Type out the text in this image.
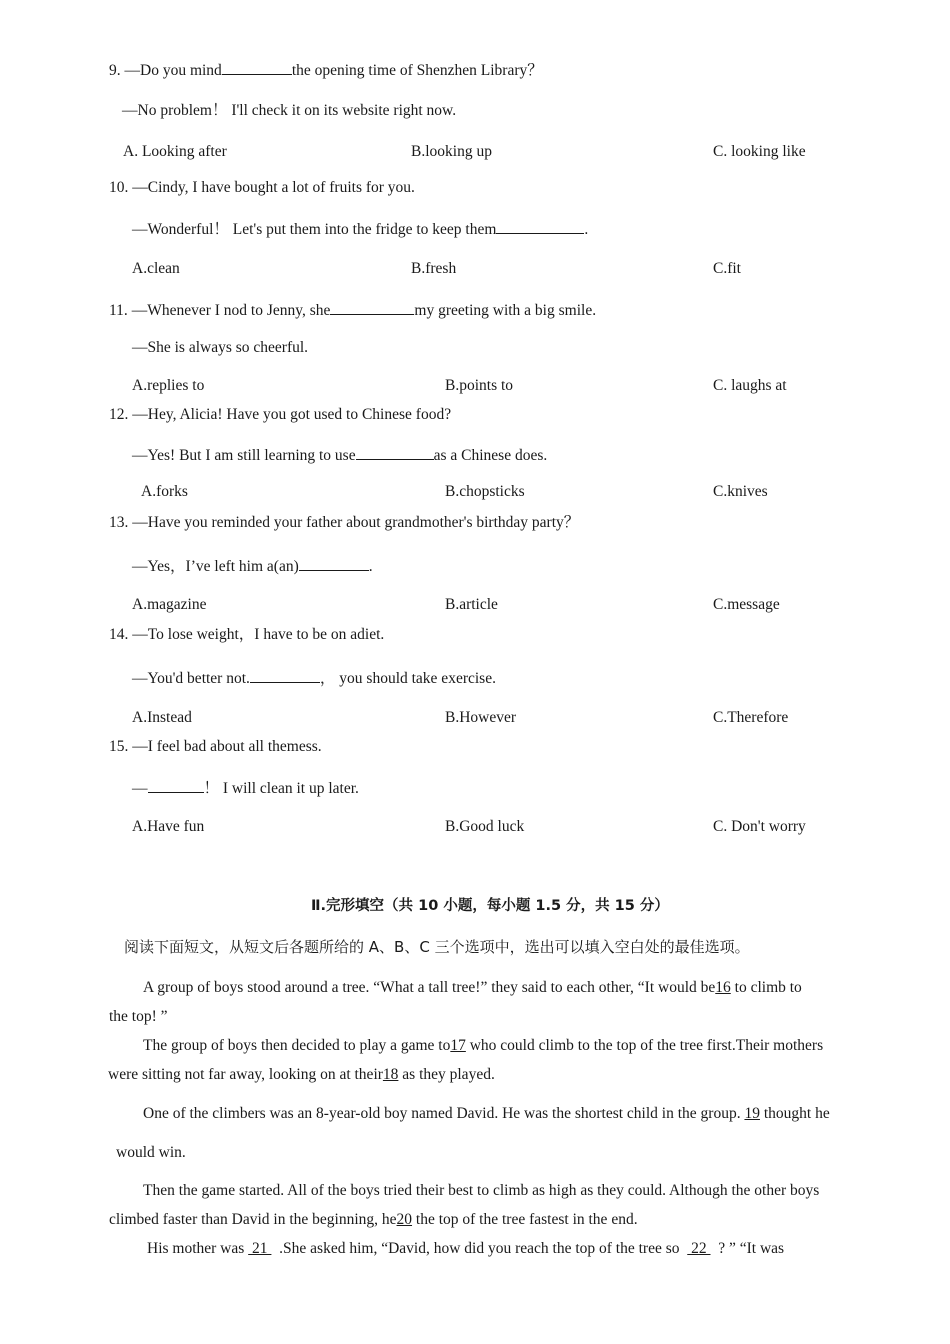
9. —Do you mind	the opening time of Shenzhen Library？
—No problem！ I'll check it on its website right now.
A. Looking after	B.looking up	C. looking like
10. —Cindy, I have bought a lot of fruits for you.
—Wonderful！ Let's put them into the fridge to keep them	.
A.clean	B.fresh	C.fit
11. —Whenever I nod to Jenny, she	my greeting with a big smile.
—She is always so cheerful.
A.replies to	B.points to	C. laughs at
12. —Hey, Alicia! Have you got used to Chinese food?
—Yes! But I am still learning to use	as a Chinese does.
A.forks	B.chopsticks	C.knives
13. —Have you reminded your father about grandmother's birthday party？
—Yes，I’ve left him a(an)	.
A.magazine	B.article	C.message
14. —To lose weight，I have to be on adiet.
—You'd better not.	， you should take exercise.
A.Instead	B.However	C.Therefore
15. —I feel bad about all themess.
—	！ I will clean it up later.
A.Have fun	B.Good luck	C. Don't worry
Ⅱ.完形填空（共 10 小题，每小题 1.5 分，共 15 分）
阅读下面短文，从短文后各题所给的 A、B、C 三个选项中，选出可以填入空白处的最佳选项。
A group of boys stood around a tree. “What a tall tree!” they said to each other, “It would be16 to climb to
the top! ”
The group of boys then decided to play a game to17 who could climb to the top of the tree first.Their mothers
were sitting not far away, looking on at their18 as they played.
One of the climbers was an 8-year-old boy named David. He was the shortest child in the group. 19 thought he
would win.
Then the game started. All of the boys tried their best to climb as high as they could. Although the other boys
climbed faster than David in the beginning, he20 the top of the tree fastest in the end.
His mother was  21   .She asked him, “David, how did you reach the top of the tree so   22   ? ” “It was
